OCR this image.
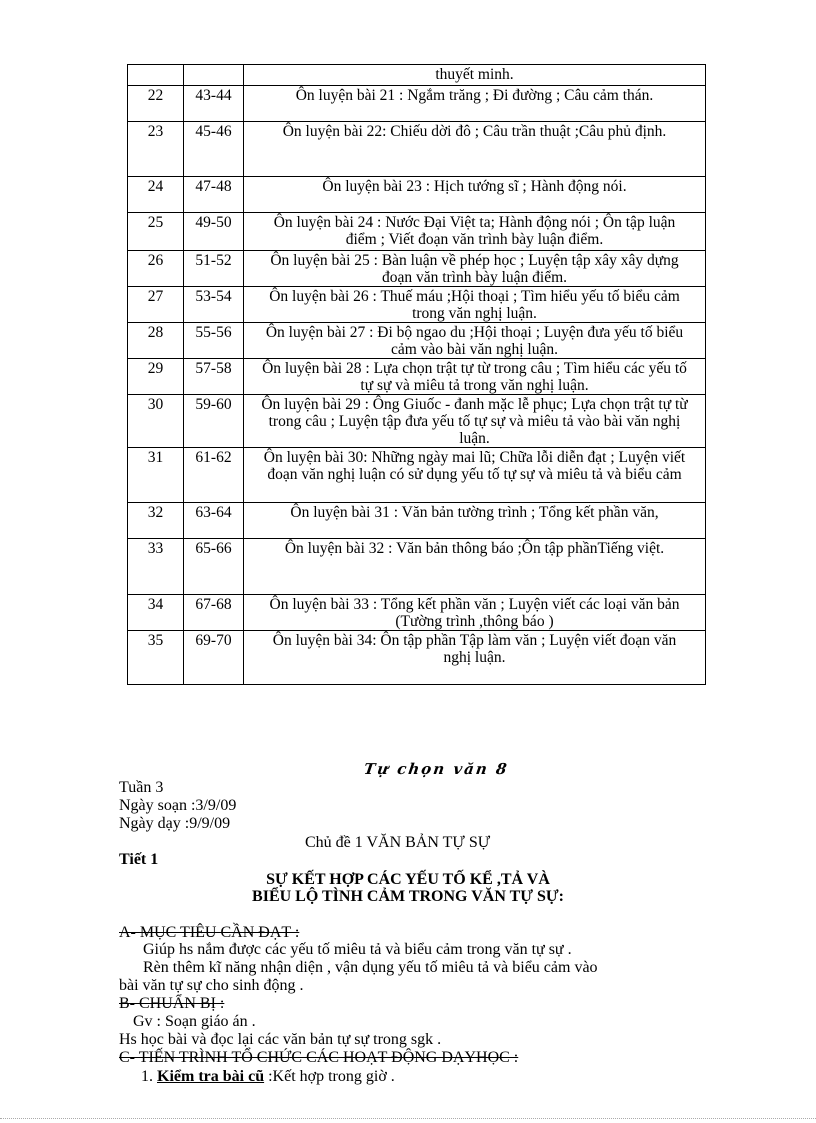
		thuyết minh.
22	43-44	Ôn luyện bài 21 : Ngắm trăng ; Đi đường ; Câu cảm thán.
23	45-46	Ôn luyện bài 22: Chiếu dời đô ; Câu trần thuật ;Câu phủ định.
24	47-48	Ôn luyện bài 23 : Hịch tướng sĩ ; Hành động nói.
25	49-50	Ôn luyện bài 24 : Nước Đại Việt ta; Hành động nói ; Ôn tập luận điểm ; Viết đoạn văn trình bày luận điểm.
26	51-52	Ôn luyện bài 25 : Bàn luận về phép học ; Luyện tập xây xây dựng đoạn văn trình bày luận điểm.
27	53-54	Ôn luyện bài 26 : Thuế máu ;Hội thoại ; Tìm hiểu yếu tố biểu cảm trong văn nghị luận.
28	55-56	Ôn luyện bài 27 : Đi bộ ngao du ;Hội thoại ; Luyện đưa yếu tố biểu cảm vào bài văn nghị luận.
29	57-58	Ôn luyện bài 28 : Lựa chọn trật tự từ trong câu ; Tìm hiểu các yếu tố tự sự và miêu tả trong văn nghị luận.
30	59-60	Ôn luyện bài 29 : Ông Giuốc - đanh mặc lễ phục; Lựa chọn trật tự từ trong câu ; Luyện tập đưa yếu tố tự sự và miêu tả vào bài văn nghị luận.
31	61-62	Ôn luyện bài 30: Những ngày mai lũ; Chữa lỗi diễn đạt ; Luyện viết đoạn văn nghị luận có sử dụng yếu tố tự sự và miêu tả và biểu cảm
32	63-64	Ôn luyện bài 31 : Văn bản tường trình ; Tổng kết phần văn,
33	65-66	Ôn luyện bài 32 : Văn bản thông báo ;Ôn tập phầnTiếng việt.
34	67-68	Ôn luyện bài 33 : Tổng kết phần văn ; Luyện viết các loại văn bản (Tường trình ,thông báo )
35	69-70	Ôn luyện bài 34: Ôn tập phần Tập làm văn ; Luyện viết đoạn văn nghị luận.
Tự chọn văn 8
Tuần 3
Ngày soạn :3/9/09
Ngày dạy :9/9/09
Chủ đề 1 VĂN BẢN TỰ SỰ
Tiết 1
SỰ KẾT HỢP CÁC YẾU TỐ KỂ ,TẢ VÀ
BIỂU LỘ TÌNH CẢM TRONG VĂN TỰ SỰ:
A- MỤC TIÊU CẦN ĐẠT :
Giúp hs nắm được các yếu tố miêu tả và biểu cảm trong văn tự sự .
Rèn thêm kĩ năng nhận diện , vận dụng yếu tố miêu tả và biểu cảm vào
bài văn tự sự cho sinh động .
B- CHUẨN BỊ :
Gv : Soạn giáo án .
Hs học bài và đọc lại các văn bản tự sự trong sgk .
C- TIẾN TRÌNH TỔ CHỨC CÁC HOẠT ĐỘNG DẠYHỌC :
1. Kiểm tra bài cũ :Kết hợp trong giờ .
